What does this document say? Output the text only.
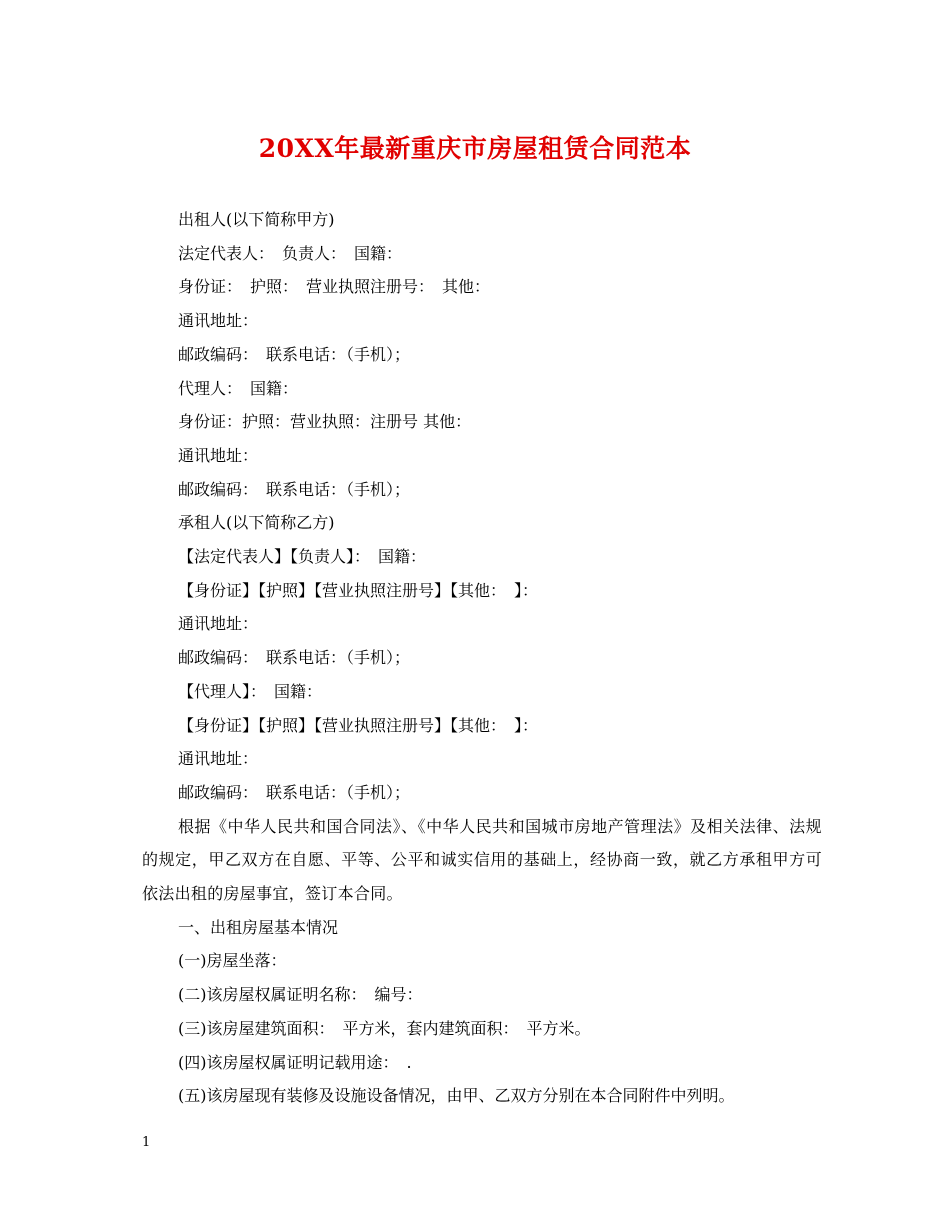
20XX年最新重庆市房屋租赁合同范本
出租人(以下简称甲方)
法定代表人：　负责人：　国籍：
身份证：　护照：　营业执照注册号：　其他：
通讯地址：
邮政编码：　联系电话：（手机）；
代理人：　国籍：
身份证：护照：营业执照：注册号 其他：
通讯地址：
邮政编码：　联系电话：（手机）；
承租人(以下简称乙方)
【法定代表人】【负责人】：　国籍：
【身份证】【护照】【营业执照注册号】【其他：　】：
通讯地址：
邮政编码：　联系电话：（手机）；
【代理人】：　国籍：
【身份证】【护照】【营业执照注册号】【其他：　】：
通讯地址：
邮政编码：　联系电话：（手机）；
根据《中华人民共和国合同法》、《中华人民共和国城市房地产管理法》及相关法律、法规的规定，甲乙双方在自愿、平等、公平和诚实信用的基础上，经协商一致，就乙方承租甲方可依法出租的房屋事宜，签订本合同。
一、出租房屋基本情况
(一)房屋坐落：
(二)该房屋权属证明名称：　编号：
(三)该房屋建筑面积：　平方米，套内建筑面积：　平方米。
(四)该房屋权属证明记载用途：　.
(五)该房屋现有装修及设施设备情况，由甲、乙双方分别在本合同附件中列明。
1
